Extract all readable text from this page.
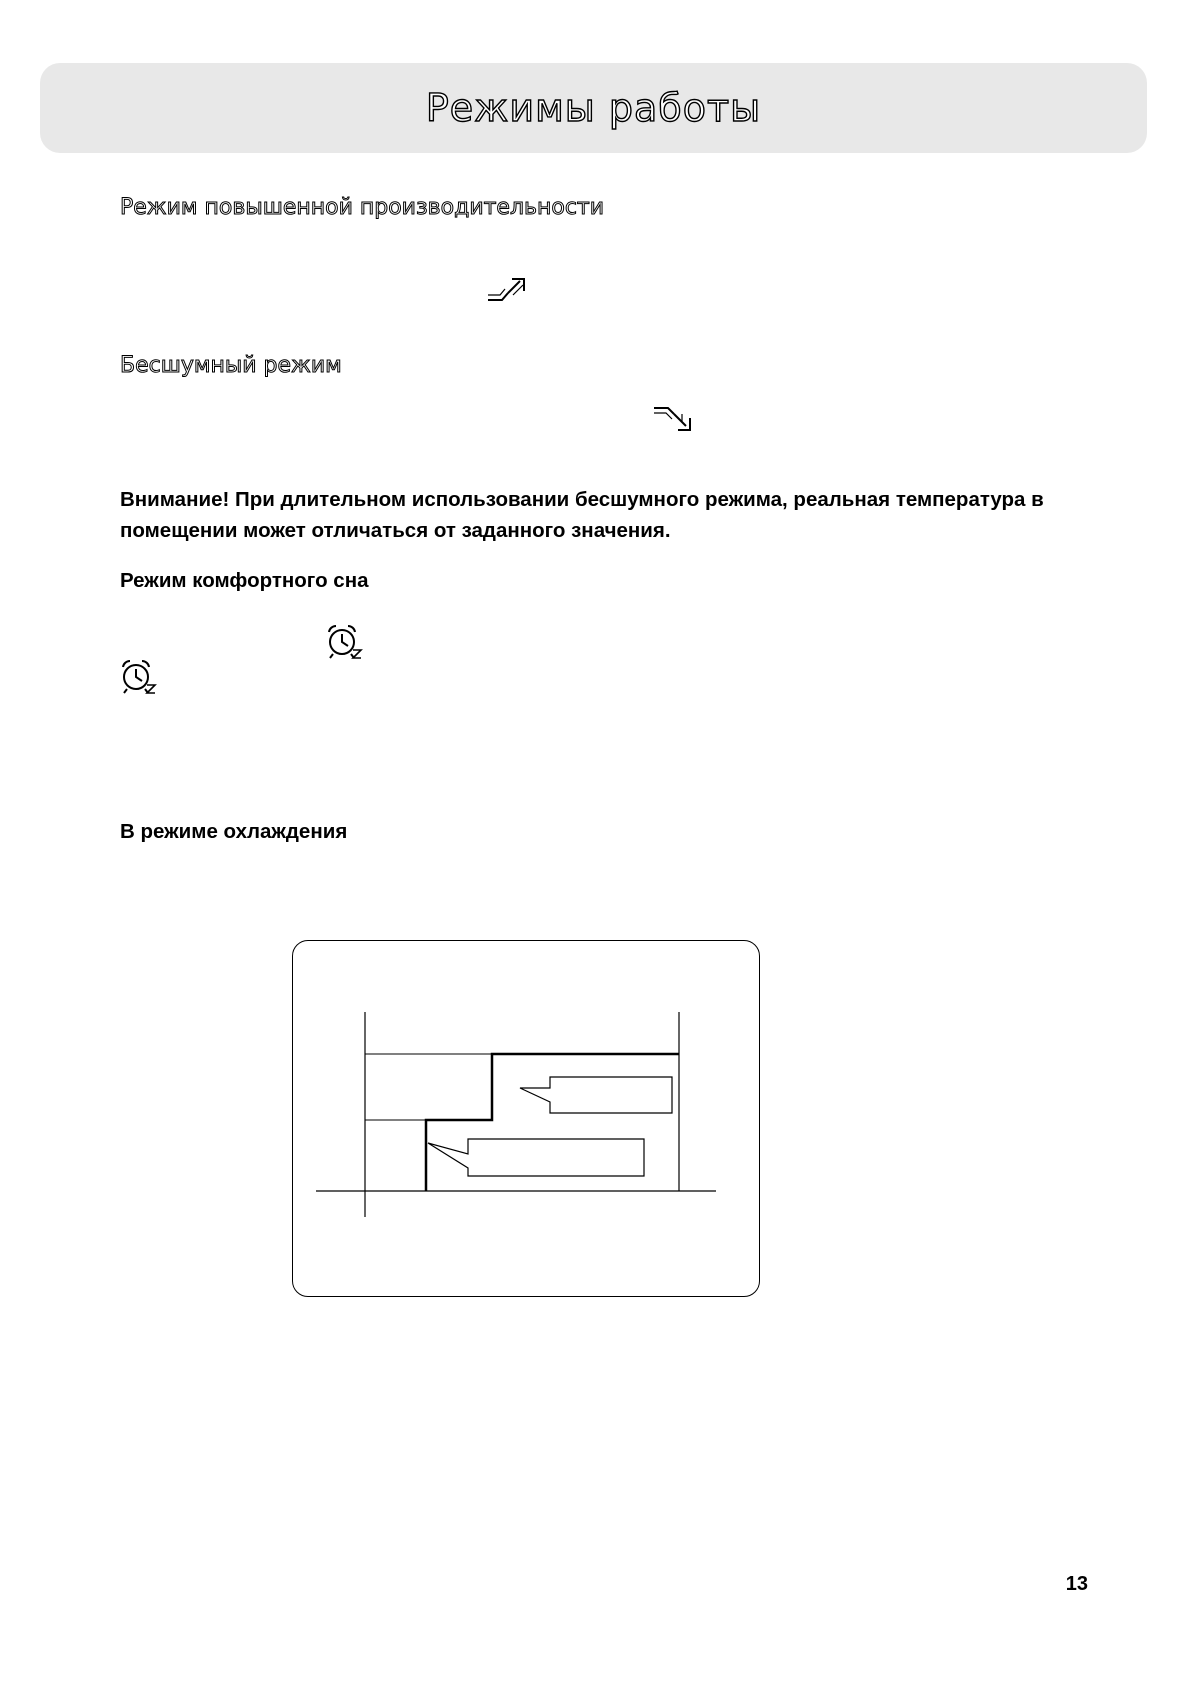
Режимы работы
Режим повышенной производительности
Бесшумный режим
Внимание! При длительном использовании бесшумного режима, реальная температура в помещении может отличаться от заданного значения.
Режим комфортного сна
В режиме охлаждения
13
